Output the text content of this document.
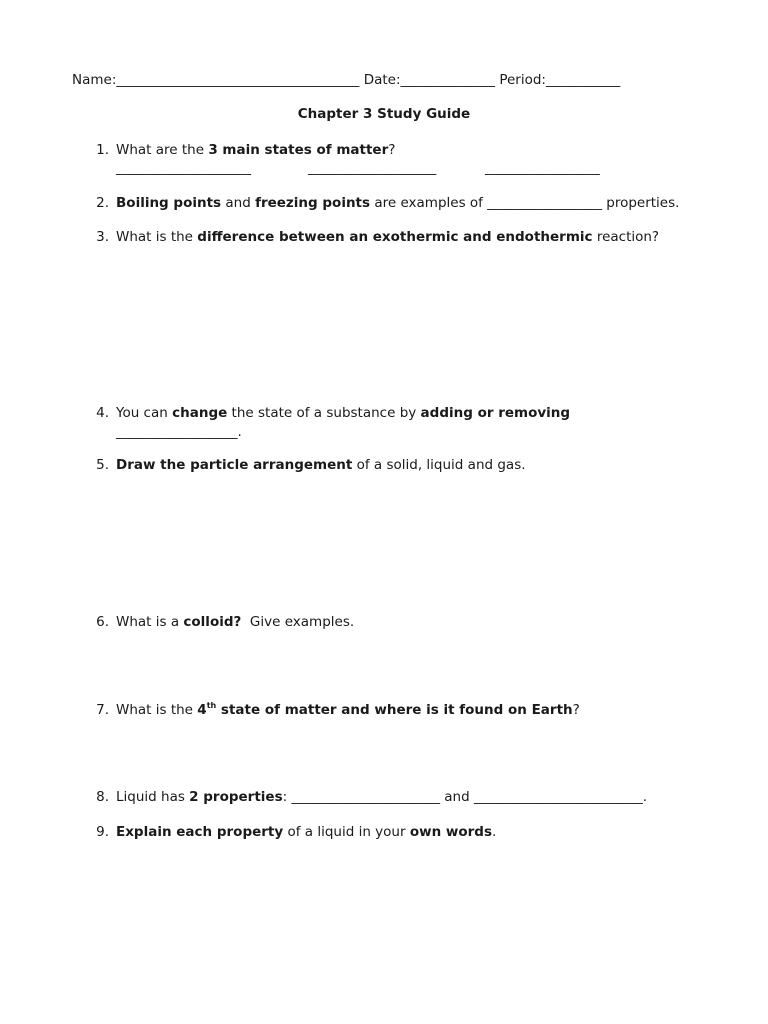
Name:____________________________________ Date:______________ Period:___________
Chapter 3 Study Guide
1. What are the 3 main states of matter?
____________________	___________________	_________________
2. Boiling points and freezing points are examples of _________________ properties.
3. What is the difference between an exothermic and endothermic reaction?
4. You can change the state of a substance by adding or removing
__________________.
5. Draw the particle arrangement of a solid, liquid and gas.
6. What is a colloid?  Give examples.
7. What is the 4th state of matter and where is it found on Earth?
8. Liquid has 2 properties: ______________________ and _________________________.
9. Explain each property of a liquid in your own words.
